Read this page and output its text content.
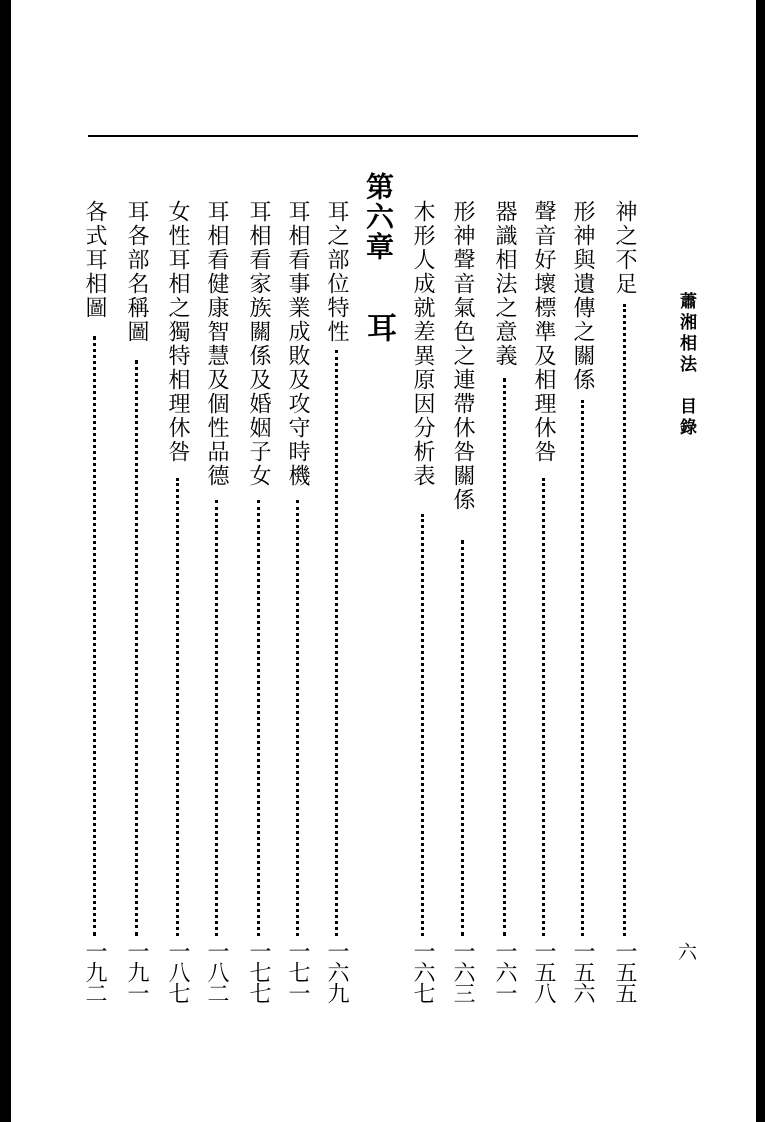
蕭湘相法　目錄
六
第六章
耳
神之不足
一五五
形神與遺傳之關係
一五六
聲音好壞標準及相理休咎
一五八
器識相法之意義
一六一
形神聲音氣色之連帶休咎關係
一六三
木形人成就差異原因分析表
一六七
耳之部位特性
一六九
耳相看事業成敗及攻守時機
一七一
耳相看家族關係及婚姻子女
一七七
耳相看健康智慧及個性品德
一八二
女性耳相之獨特相理休咎
一八七
耳各部名稱圖
一九一
各式耳相圖
一九二
